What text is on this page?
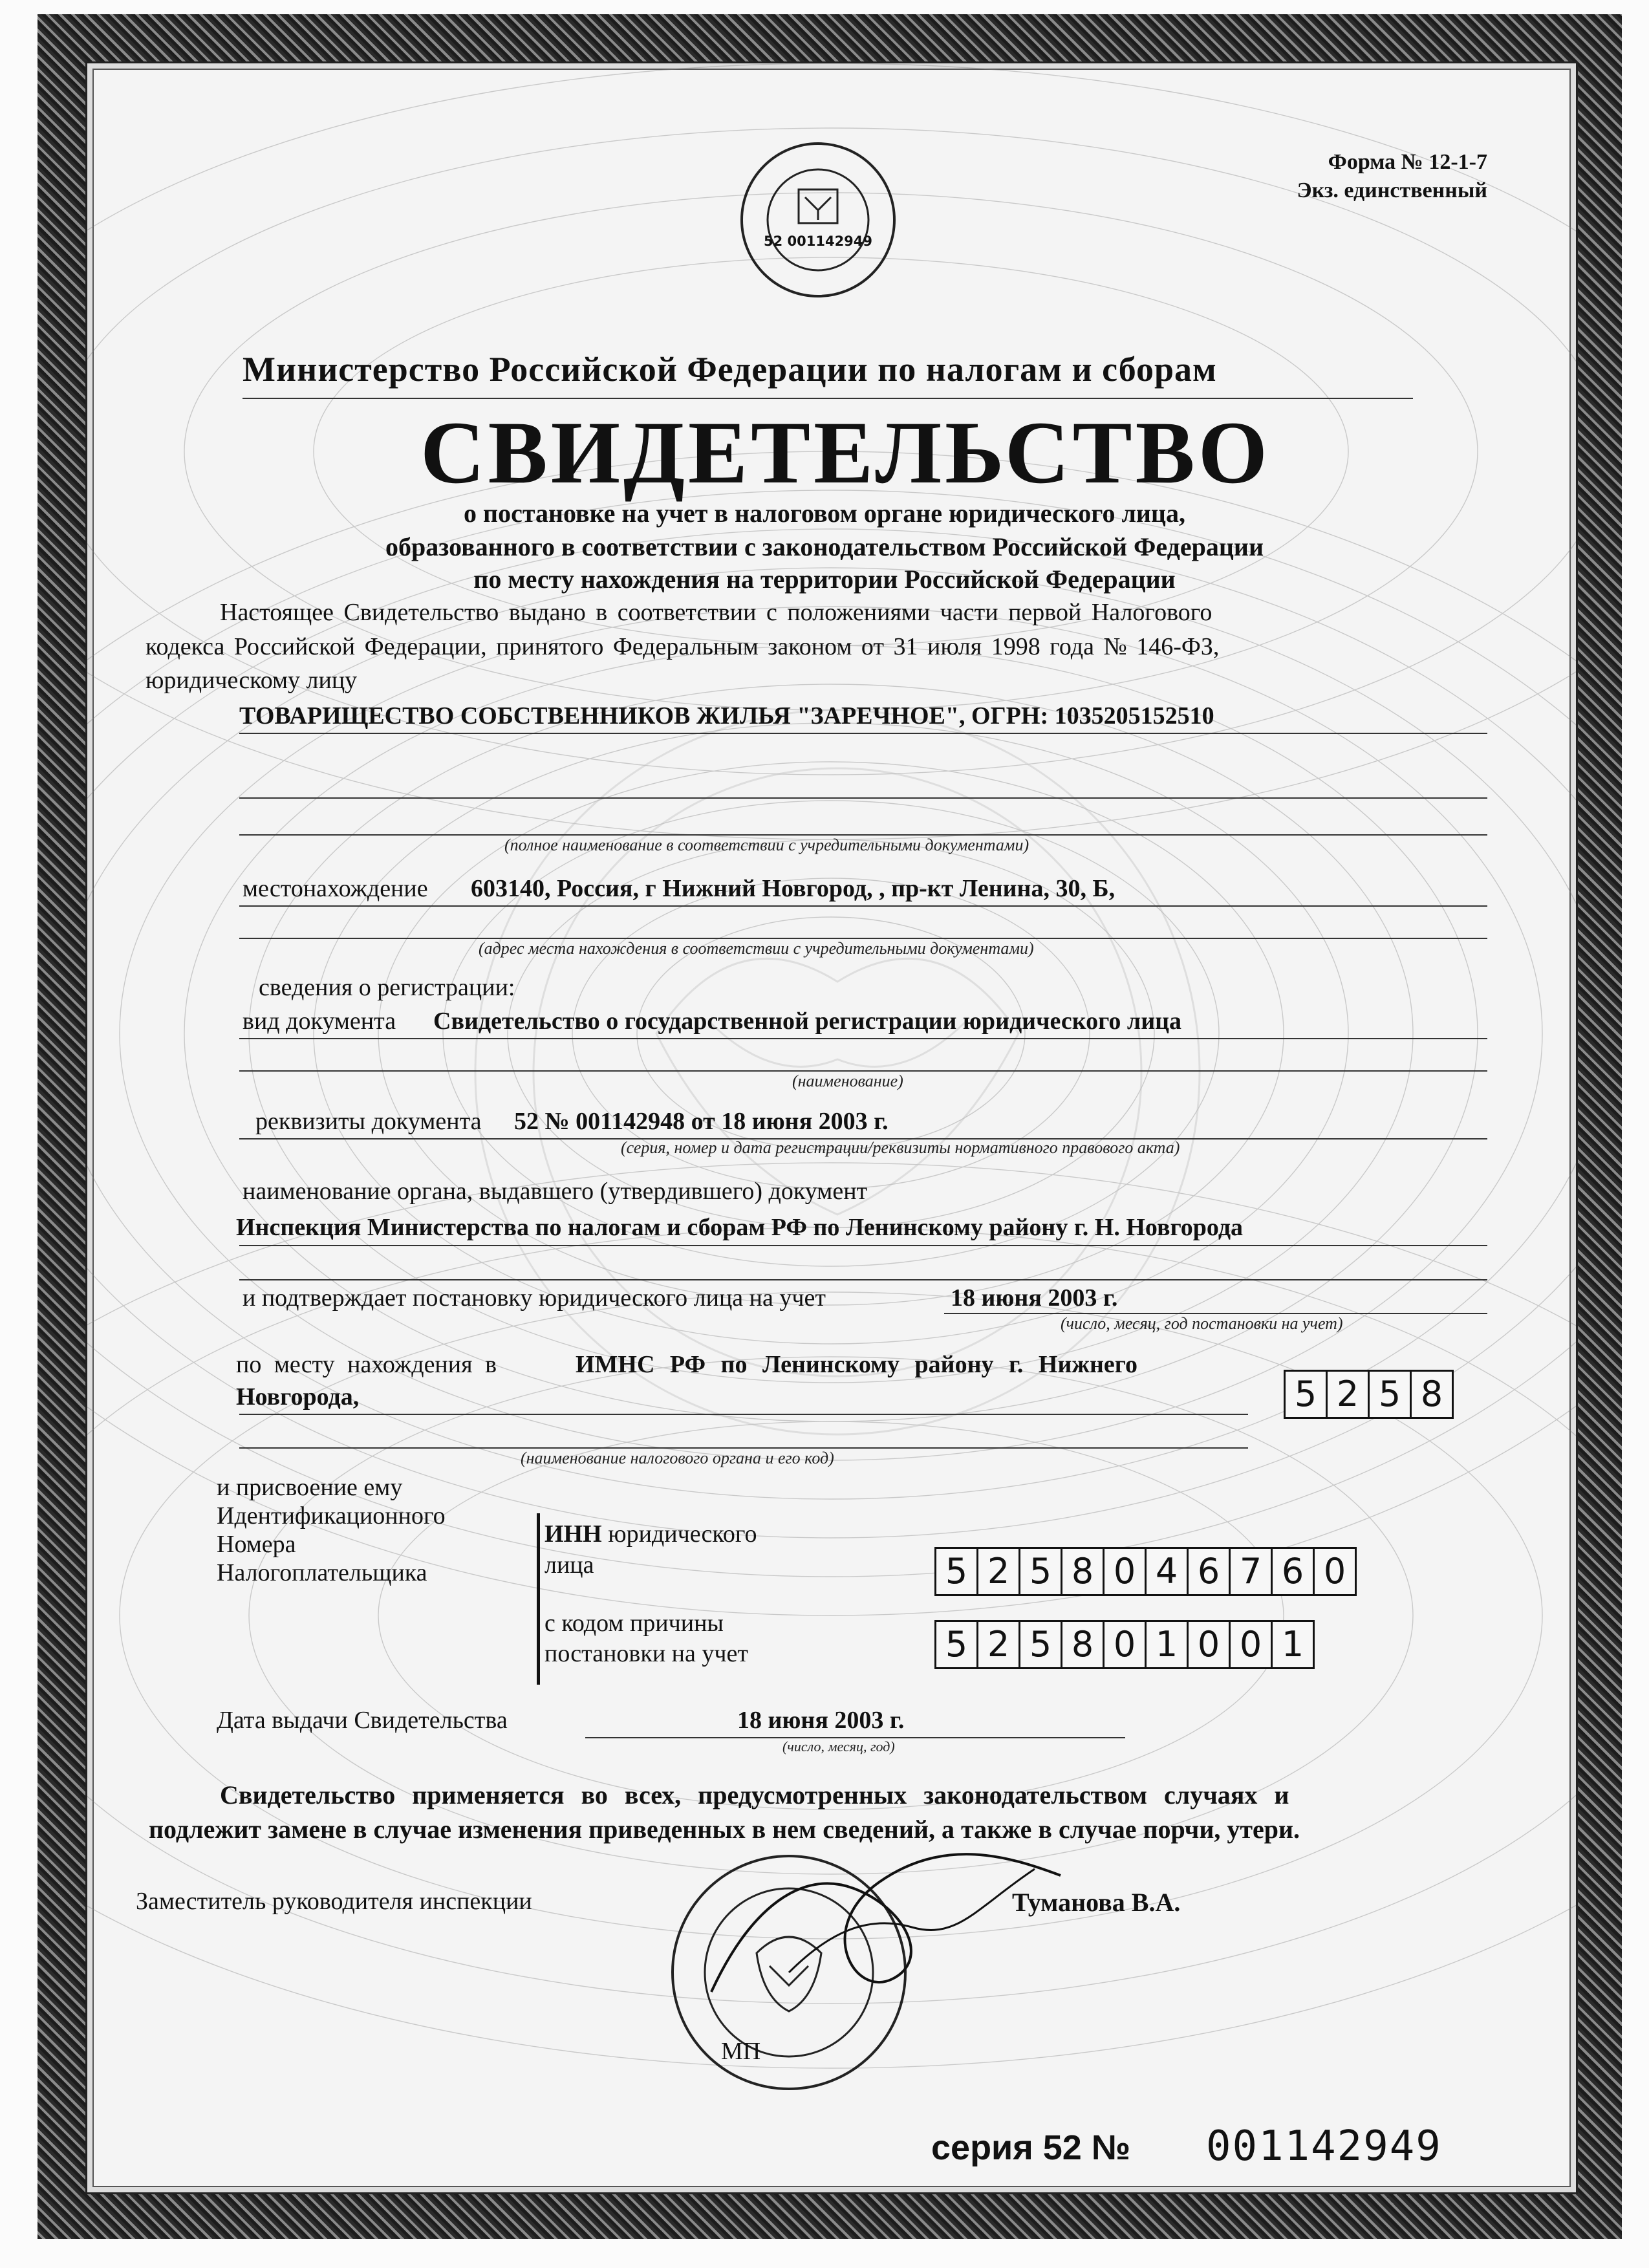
52 001142949
Форма № 12-1-7
Экз. единственный
Министерство Российской Федерации по налогам и сборам
СВИДЕТЕЛЬСТВО
о постановке на учет в налоговом органе юридического лица,
образованного в соответствии с законодательством Российской Федерации
по месту нахождения на территории Российской Федерации
Настоящее Свидетельство выдано в соответствии с положениями части первой Налогового
кодекса Российской Федерации, принятого Федеральным законом от 31 июля 1998 года № 146-ФЗ,
юридическому лицу
ТОВАРИЩЕСТВО СОБСТВЕННИКОВ ЖИЛЬЯ "ЗАРЕЧНОЕ", ОГРН: 1035205152510
(полное наименование в соответствии с учредительными документами)
местонахождение 603140, Россия, г Нижний Новгород, , пр-кт Ленина, 30, Б,
(адрес места нахождения в соответствии с учредительными документами)
сведения о регистрации:
вид документа Свидетельство о государственной регистрации юридического лица
(наименование)
реквизиты документа 52 № 001142948 от 18 июня 2003 г.
(серия, номер и дата регистрации/реквизиты нормативного правового акта)
наименование органа, выдавшего (утвердившего) документ
Инспекция Министерства по налогам и сборам РФ по Ленинскому району г. Н. Новгорода
и подтверждает постановку юридического лица на учет	18 июня 2003 г.
(число, месяц, год постановки на учет)
по месту нахождения в	ИМНС РФ по Ленинскому району г. Нижнего
Новгорода,
(наименование налогового органа и его код)
5 2 5 8
и присвоение ему
Идентификационного
Номера
Налогоплательщика
ИНН юридического
лица	5 2 5 8 0 4 6 7 6 0
с кодом причины
постановки на учет	5 2 5 8 0 1 0 0 1
Дата выдачи Свидетельства	18 июня 2003 г.
(число, месяц, год)
Свидетельство применяется во всех, предусмотренных законодательством случаях и
подлежит замене в случае изменения приведенных в нем сведений, а также в случае порчи, утери.
Заместитель руководителя инспекции	Туманова В.А.
МП
серия 52 № 001142949
